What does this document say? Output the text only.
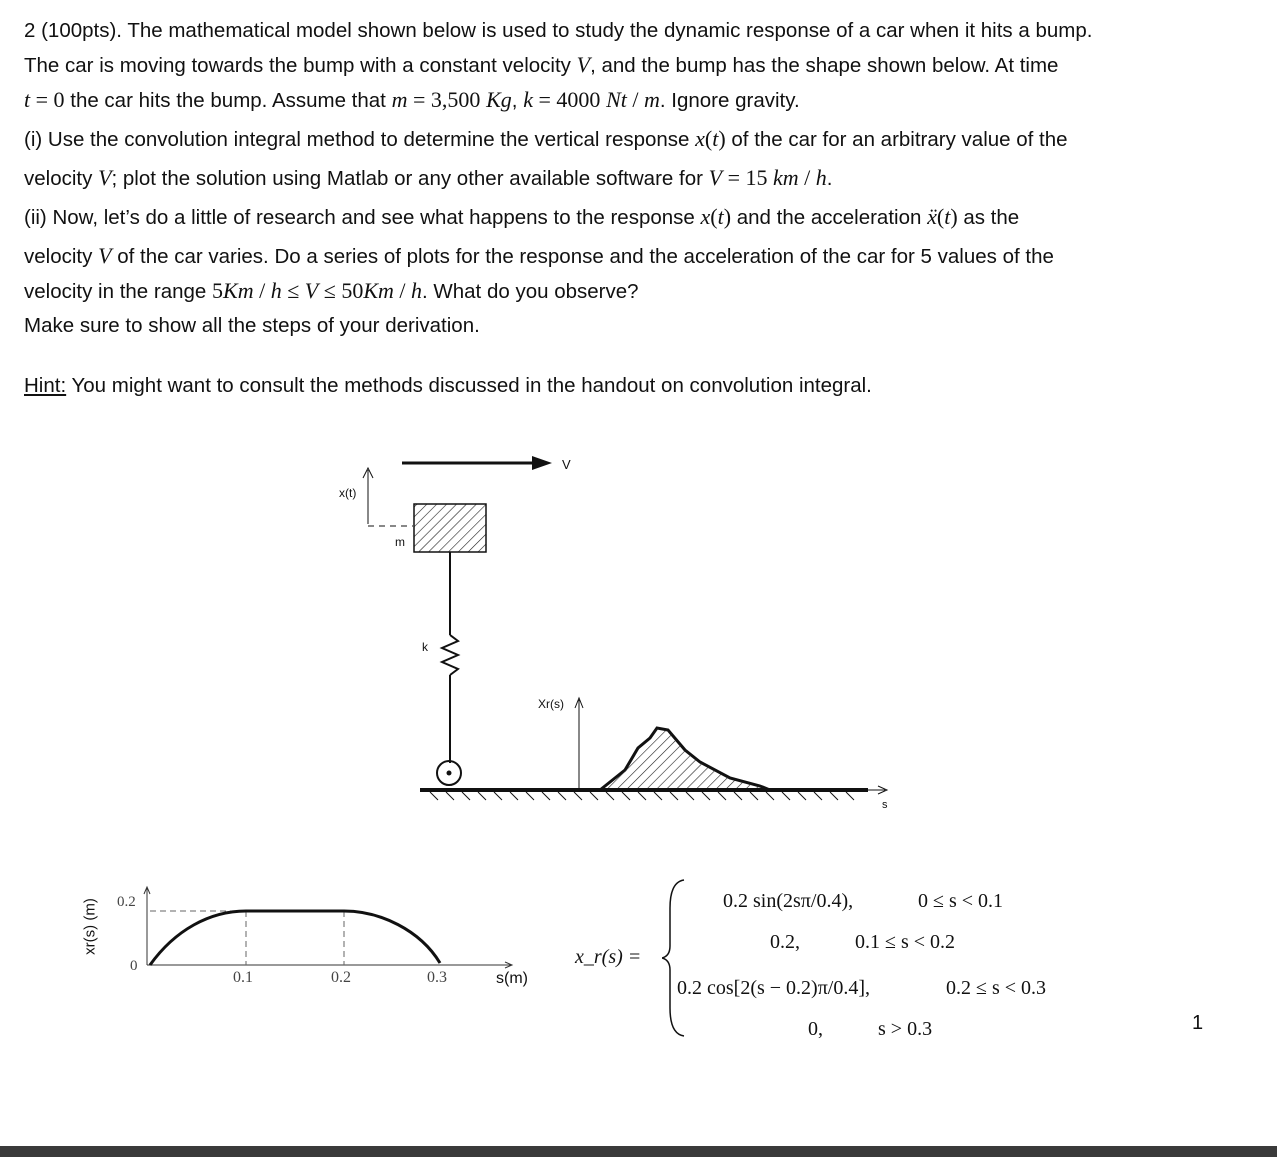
2 (100pts). The mathematical model shown below is used to study the dynamic response of a car when it hits a bump.

The car is moving towards the bump with a constant velocity V, and the bump has the shape shown below. At time

t = 0 the car hits the bump. Assume that m = 3,500 Kg, k = 4000 Nt / m. Ignore gravity.

(i) Use the convolution integral method to determine the vertical response x(t) of the car for an arbitrary value of the

velocity V; plot the solution using Matlab or any other available software for V = 15 km / h.

(ii) Now, let’s do a little of research and see what happens to the response x(t) and the acceleration ẍ(t) as the

velocity V of the car varies. Do a series of plots for the response and the acceleration of the car for 5 values of the

velocity in the range 5Km / h ≤ V ≤ 50Km / h. What do you observe?

Make sure to show all the steps of your derivation.

Hint: You might want to consult the methods discussed in the handout on convolution integral.
V
x(t)
m
k
Xr(s)
s
xr(s) (m) 0.2
0
0.1	0.2	0.3	s(m)
x_r(s) =
0.2 sin(2sπ/0.4),	0 ≤ s < 0.1
0.2,	0.1 ≤ s < 0.2
0.2 cos[2(s − 0.2)π/0.4],	0.2 ≤ s < 0.3
0,	s > 0.3	1
